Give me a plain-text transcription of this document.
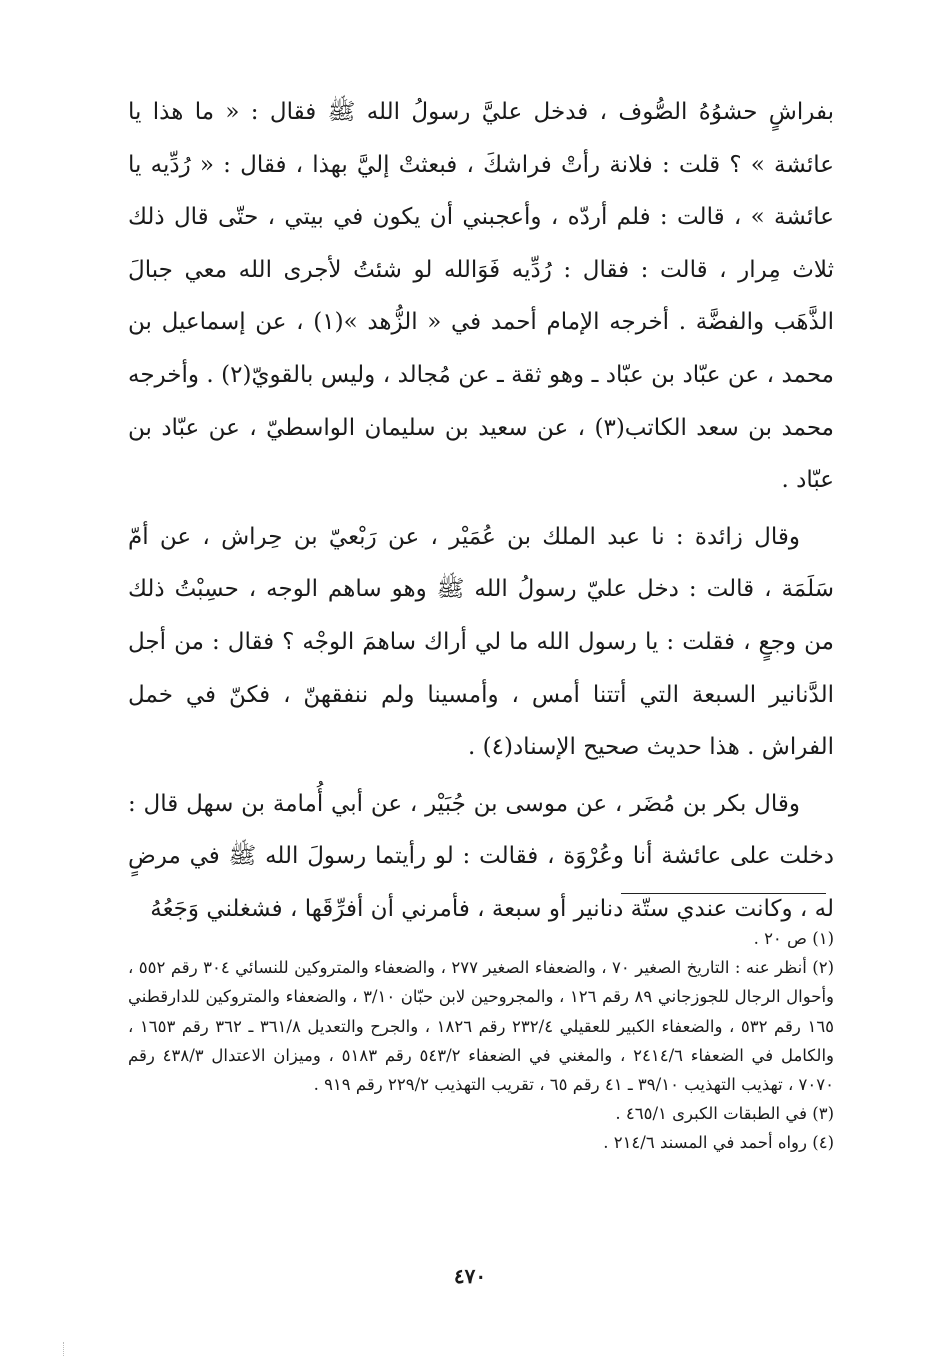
بفراشٍ حشوُهُ الصُّوف ، فدخل عليَّ رسولُ الله ﷺ فقال : « ما هذا يا عائشة » ؟ قلت : فلانة رأتْ فراشكَ ، فبعثتْ إليَّ بهذا ، فقال : « رُدِّيه يا عائشة » ، قالت : فلم أردّه ، وأعجبني أن يكون في بيتي ، حتّى قال ذلك ثلاث مِرار ، قالت : فقال : رُدِّيه فَوَالله لو شئتُ لأجرى الله معي جبالَ الذَّهَب والفضَّة . أخرجه الإمام أحمد في « الزُّهد »(١) ، عن إسماعيل بن محمد ، عن عبّاد بن عبّاد ـ وهو ثقة ـ عن مُجالد ، وليس بالقويّ(٢) . وأخرجه محمد بن سعد الكاتب(٣) ، عن سعيد بن سليمان الواسطيّ ، عن عبّاد بن عبّاد .

وقال زائدة : نا عبد الملك بن عُمَيْر ، عن رَبْعيّ بن حِراش ، عن أمّ سَلَمَة ، قالت : دخل عليّ رسولُ الله ﷺ وهو ساهم الوجه ، حسِبْتُ ذلك من وجعٍ ، فقلت : يا رسول الله ما لي أراك ساهمَ الوجْه ؟ فقال : من أجل الدَّنانير السبعة التي أتتنا أمس ، وأمسينا ولم ننفقهنّ ، فكنّ في خمل الفراش . هذا حديث صحيح الإسناد(٤) .

وقال بكر بن مُضَر ، عن موسى بن جُبَيْر ، عن أبي أُمامة بن سهل قال : دخلت على عائشة أنا وعُرْوَة ، فقالت : لو رأيتما رسولَ الله ﷺ في مرضٍ له ، وكانت عندي ستّة دنانير أو سبعة ، فأمرني أن أفرِّقَها ، فشغلني وَجَعُهُ

(١) ص ٢٠ .

(٢) أنظر عنه : التاريخ الصغير ٧٠ ، والضعفاء الصغير ٢٧٧ ، والضعفاء والمتروكين للنسائي ٣٠٤ رقم ٥٥٢ ، وأحوال الرجال للجوزجاني ٨٩ رقم ١٢٦ ، والمجروحين لابن حبّان ٣/١٠ ، والضعفاء والمتروكين للدارقطني ١٦٥ رقم ٥٣٢ ، والضعفاء الكبير للعقيلي ٢٣٢/٤ رقم ١٨٢٦ ، والجرح والتعديل ٣٦١/٨ ـ ٣٦٢ رقم ١٦٥٣ ، والكامل في الضعفاء ٢٤١٤/٦ ، والمغني في الضعفاء ٥٤٣/٢ رقم ٥١٨٣ ، وميزان الاعتدال ٤٣٨/٣ رقم ٧٠٧٠ ، تهذيب التهذيب ٣٩/١٠ ـ ٤١ رقم ٦٥ ، تقريب التهذيب ٢٢٩/٢ رقم ٩١٩ .

(٣) في الطبقات الكبرى ٤٦٥/١ .

(٤) رواه أحمد في المسند ٢١٤/٦ .

٤٧٠
